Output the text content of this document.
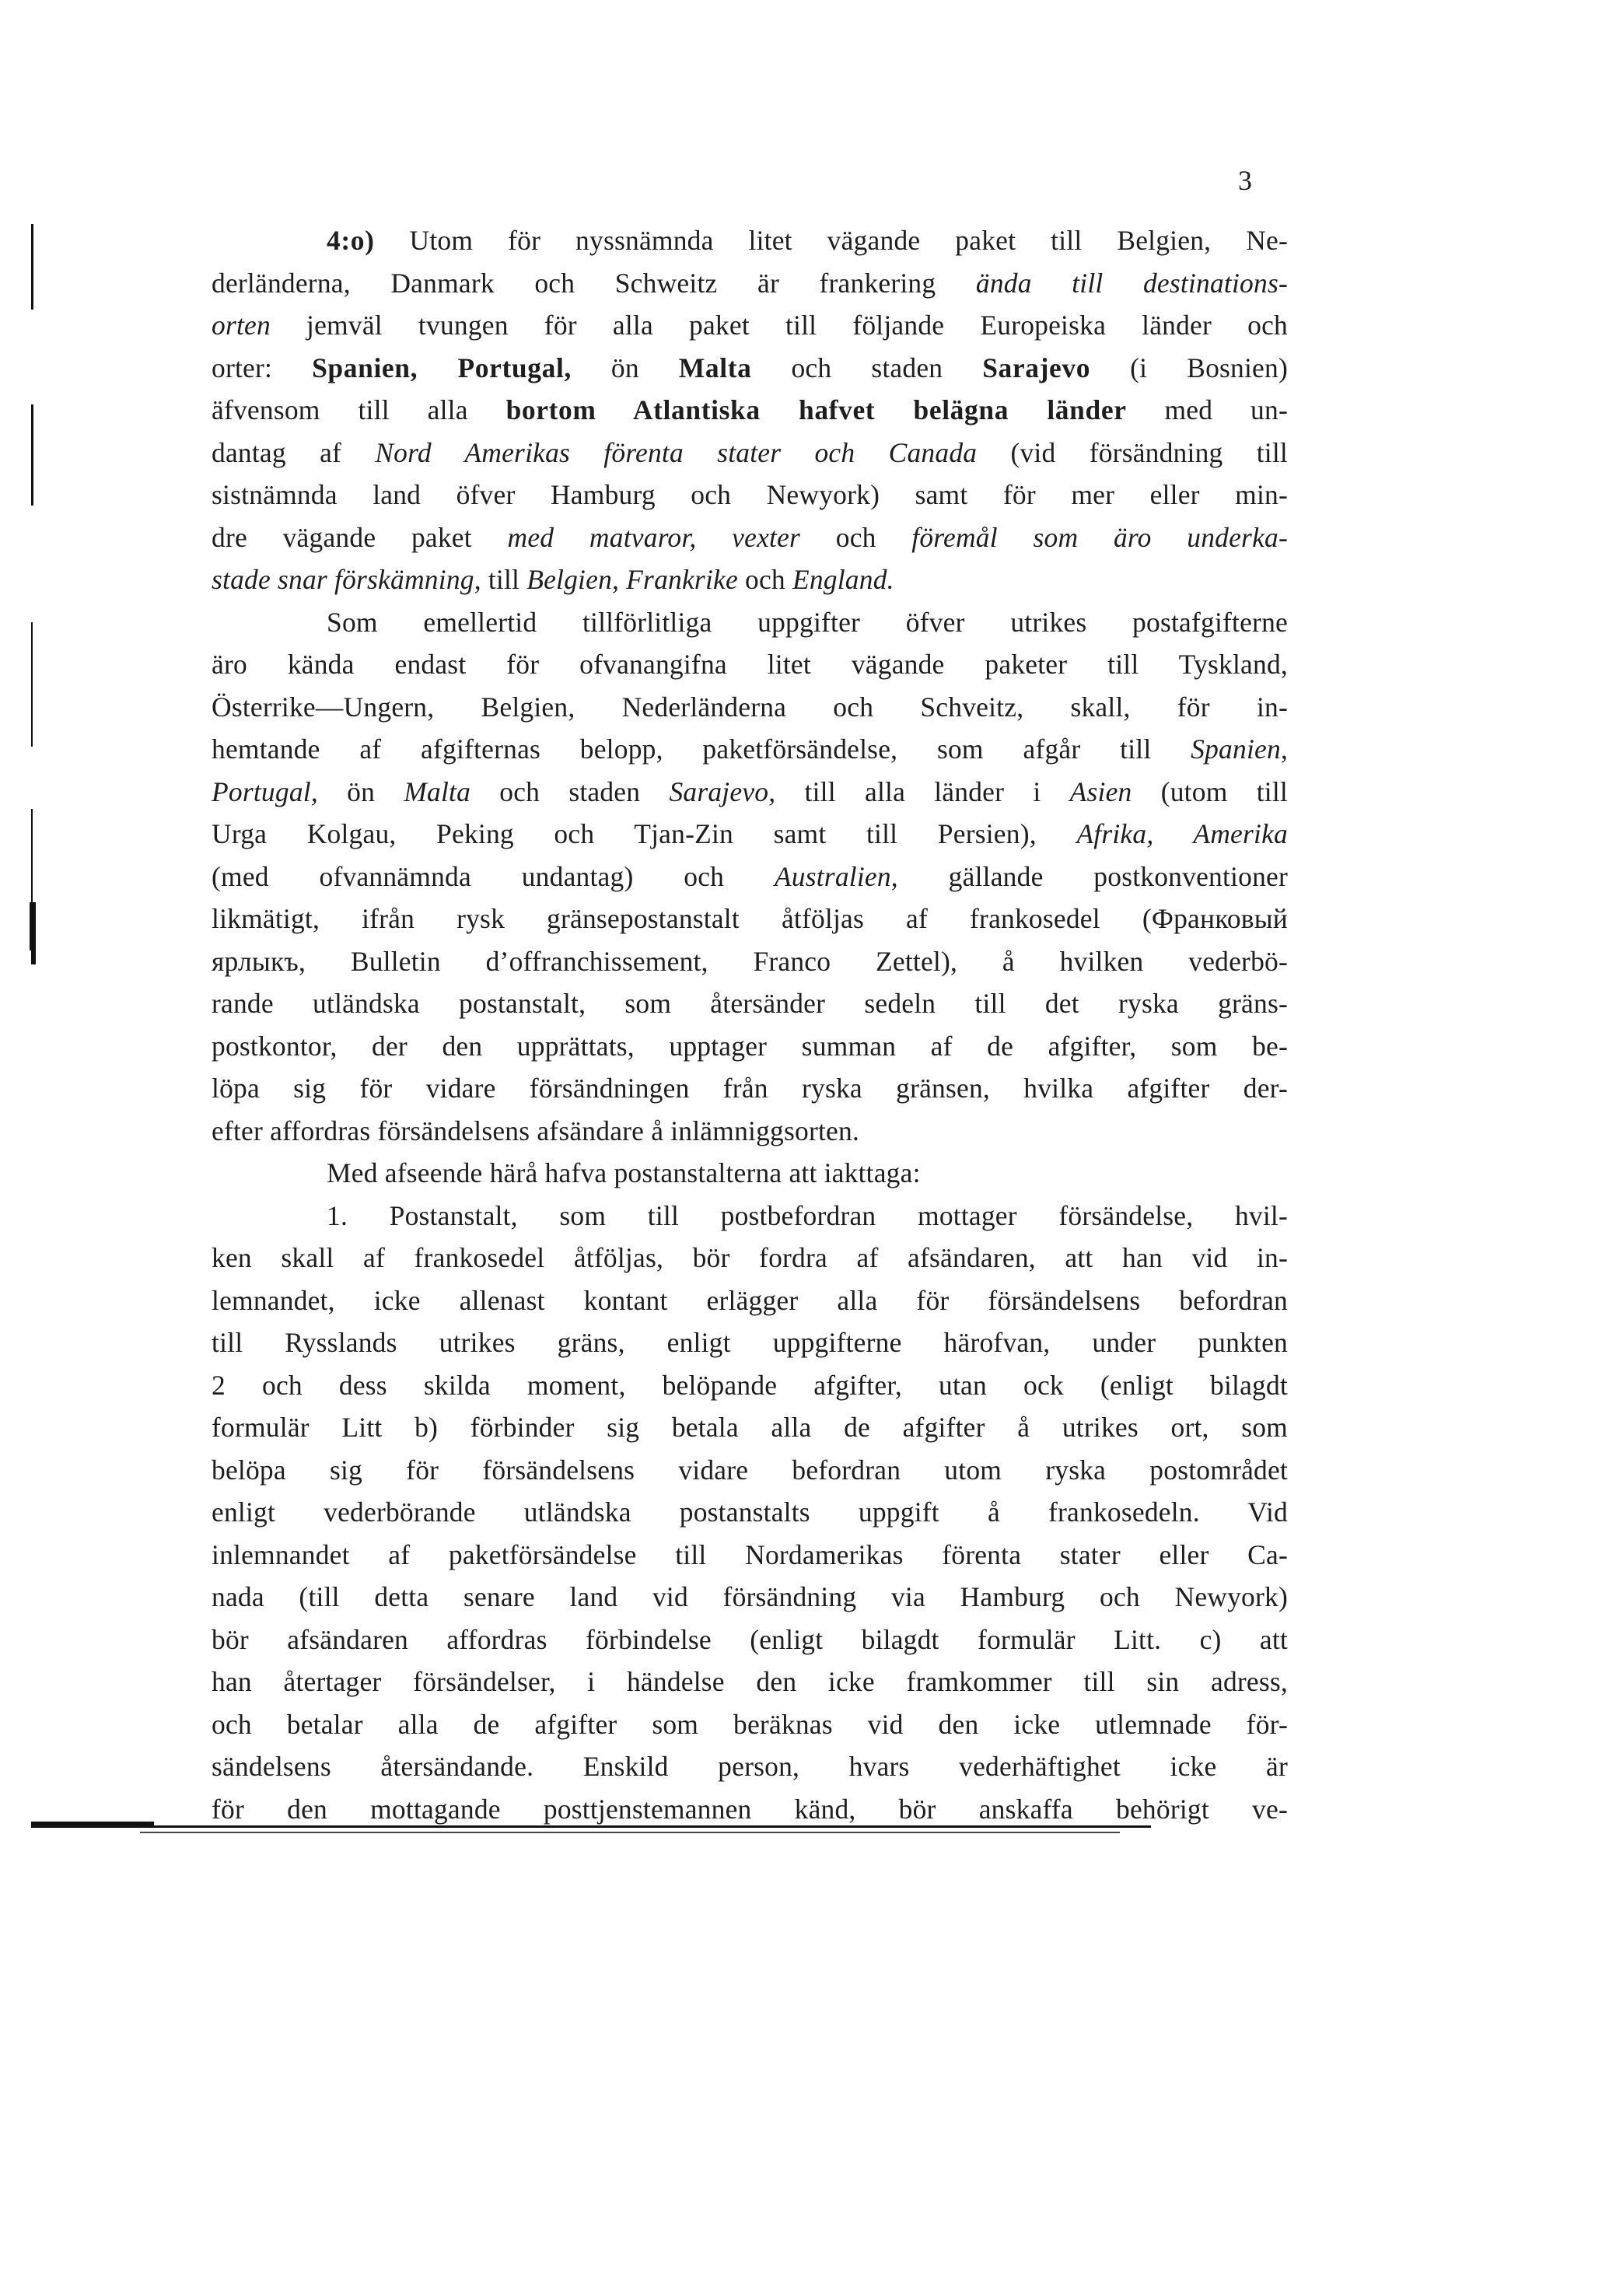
3
4:o) Utom för nyssnämnda litet vägande paket till Belgien, Ne-
derländerna, Danmark och Schweitz är frankering ända till destinations-
orten jemväl tvungen för alla paket till följande Europeiska länder och
orter: Spanien, Portugal, ön Malta och staden Sarajevo (i Bosnien)
äfvensom till alla bortom Atlantiska hafvet belägna länder med un-
dantag af Nord Amerikas förenta stater och Canada (vid försändning till
sistnämnda land öfver Hamburg och Newyork) samt för mer eller min-
dre vägande paket med matvaror, vexter och föremål som äro underka-
stade snar förskämning, till Belgien, Frankrike och England.
Som emellertid tillförlitliga uppgifter öfver utrikes postafgifterne
äro kända endast för ofvanangifna litet vägande paketer till Tyskland,
Österrike—Ungern, Belgien, Nederländerna och Schveitz, skall, för in-
hemtande af afgifternas belopp, paketförsändelse, som afgår till Spanien,
Portugal, ön Malta och staden Sarajevo, till alla länder i Asien (utom till
Urga Kolgau, Peking och Tjan-Zin samt till Persien), Afrika, Amerika
(med ofvannämnda undantag) och Australien, gällande postkonventioner
likmätigt, ifrån rysk gränsepostanstalt åtföljas af frankosedel (Франковый
ярлыкъ, Bulletin d’offranchissement, Franco Zettel), å hvilken vederbö-
rande utländska postanstalt, som återsänder sedeln till det ryska gräns-
postkontor, der den upprättats, upptager summan af de afgifter, som be-
löpa sig för vidare försändningen från ryska gränsen, hvilka afgifter der-
efter affordras försändelsens afsändare å inlämniggsorten.
Med afseende härå hafva postanstalterna att iakttaga:
1. Postanstalt, som till postbefordran mottager försändelse, hvil-
ken skall af frankosedel åtföljas, bör fordra af afsändaren, att han vid in-
lemnandet, icke allenast kontant erlägger alla för försändelsens befordran
till Rysslands utrikes gräns, enligt uppgifterne härofvan, under punkten
2 och dess skilda moment, belöpande afgifter, utan ock (enligt bilagdt
formulär Litt b) förbinder sig betala alla de afgifter å utrikes ort, som
belöpa sig för försändelsens vidare befordran utom ryska postområdet
enligt vederbörande utländska postanstalts uppgift å frankosedeln. Vid
inlemnandet af paketförsändelse till Nordamerikas förenta stater eller Ca-
nada (till detta senare land vid försändning via Hamburg och Newyork)
bör afsändaren affordras förbindelse (enligt bilagdt formulär Litt. c) att
han återtager försändelser, i händelse den icke framkommer till sin adress,
och betalar alla de afgifter som beräknas vid den icke utlemnade för-
sändelsens återsändande. Enskild person, hvars vederhäftighet icke är
för den mottagande posttjenstemannen känd, bör anskaffa behörigt ve-
